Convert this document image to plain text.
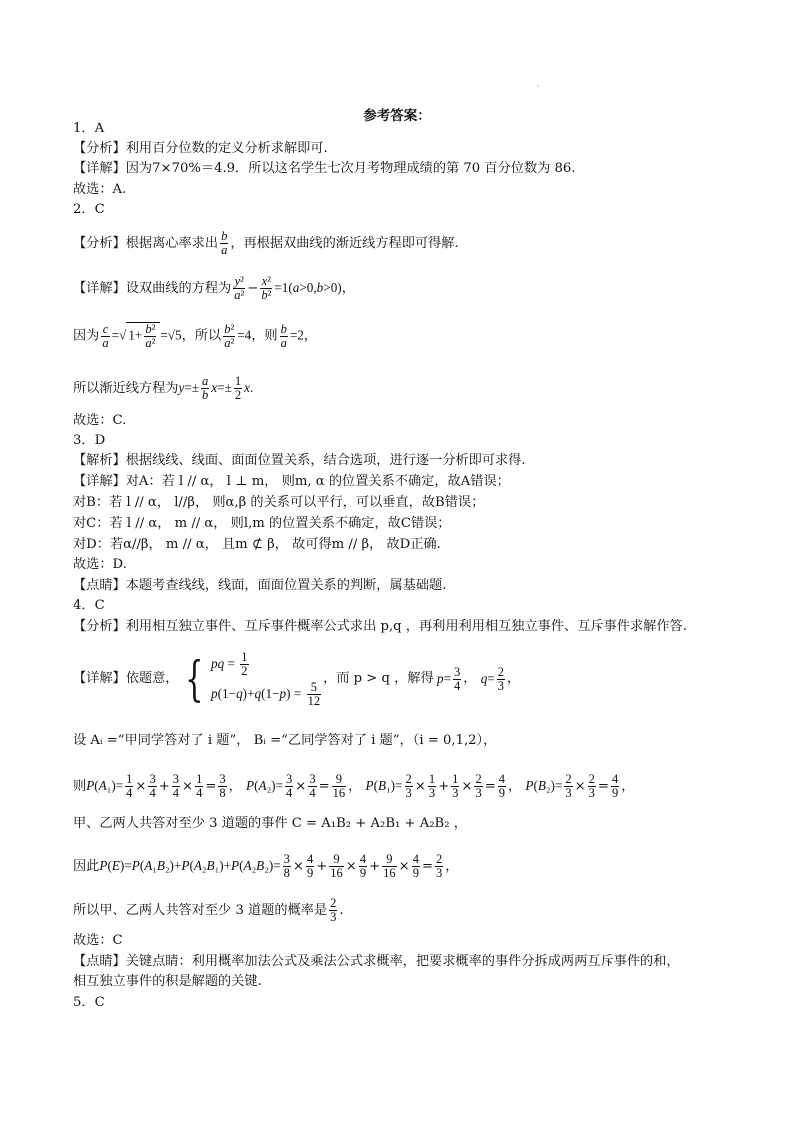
·
参考答案：
1．A
【分析】利用百分位数的定义分析求解即可.
【详解】因为7×70%＝4.9．所以这名学生七次月考物理成绩的第 70 百分位数为 86.
故选：A.
2．C
【分析】根据离心率求出 $\frac{b}{a}$ ，再根据双曲线的渐近线方程即可得解.
【详解】设双曲线的方程为 $\frac{\text{y²}}{\text{a²}} - \frac{\text{x²}}{\text{b²}} =1(a>0,b>0)$，
因为 $\frac{c}{a}$ =√ $1+ \frac{\text{b²}}{\text{a²}} =√5$，所以 $\frac{\text{b²}}{\text{a²}} =4$，则 $\frac{b}{a} =2$，
所以渐近线方程为$y=\pm \frac{a}{b} x=\pm \frac{1}{2} x$.
故选：C.
3．D
【解析】根据线线、线面、面面位置关系，结合选项，进行逐一分析即可求得.
【详解】对A：若 l // α， l ⊥ m， 则m, α 的位置关系不确定，故A错误；
对B：若 l // α， l//β， 则α,β 的关系可以平行，可以垂直，故B错误；
对C：若 l // α， m // α， 则l,m 的位置关系不确定，故C错误；
对D：若α//β， m // α， 且m ⊄ β， 故可得m // β， 故D正确.
故选：D.
【点睛】本题考查线线，线面，面面位置关系的判断，属基础题.
4．C
【分析】利用相互独立事件、互斥事件概率公式求出 p,q ，再利用利用相互独立事件、互斥事件求解作答.
【详解】依题意， { pq = $\frac{1}{2}$
p (1− q )+ q (1− p ) = $\frac{5}{12}$
，而 p > q ，解得 $p= \frac{3}{4}$ ， $q= \frac{2}{3}$ ，
设 Aᵢ =“甲同学答对了 i 题”， Bᵢ =“乙同学答对了 i 题”，（i = 0,1,2），
则$P(A_1)= \frac{1}{4} \times \frac{3}{4} + \frac{3}{4} \times \frac{1}{4} = \frac{3}{8}$ ， $P(A_2)= \frac{3}{4} \times \frac{3}{4} = \frac{9}{16}$ ， $P(B_1)= \frac{2}{3} \times \frac{1}{3} + \frac{1}{3} \times \frac{2}{3} = \frac{4}{9}$ ， $P(B_2)= \frac{2}{3} \times \frac{2}{3} = \frac{4}{9}$ ，
甲、乙两人共答对至少 3 道题的事件 C = A₁B₂ + A₂B₁ + A₂B₂ ，
因此$P(E)=P(A_1B_2)+P(A_2B_1)+P(A_2B_2)= \frac{3}{8} \times \frac{4}{9} + \frac{9}{16} \times \frac{4}{9} + \frac{9}{16} \times \frac{4}{9} = \frac{2}{3}$ ，
所以甲、乙两人共答对至少 3 道题的概率是 $\frac{2}{3}$ .
故选：C
【点睛】关键点睛：利用概率加法公式及乘法公式求概率，把要求概率的事件分拆成两两互斥事件的和，
相互独立事件的积是解题的关键.
5．C
